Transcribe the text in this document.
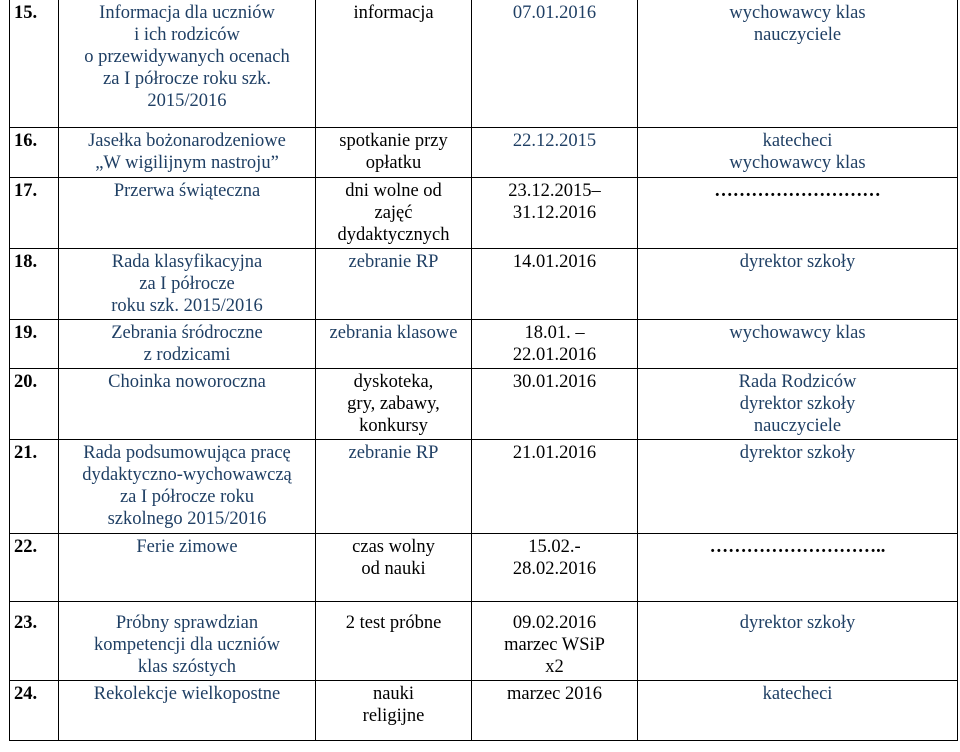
15.	Informacja dla uczniów
i ich rodziców
o przewidywanych ocenach
za I półrocze roku szk.
2015/2016	informacja	07.01.2016	wychowawcy klas
nauczyciele

16.	Jasełka bożonarodzeniowe
„W wigilijnym nastroju”	spotkanie przy
opłatku	22.12.2015	katecheci
wychowawcy klas

17.	Przerwa świąteczna	dni wolne od
zajęć
dydaktycznych	23.12.2015–
31.12.2016	………………………

18.	Rada klasyfikacyjna
za I półrocze
roku szk. 2015/2016	zebranie RP	14.01.2016	dyrektor szkoły

19.	Zebrania śródroczne
z rodzicami	zebrania klasowe	18.01. –
22.01.2016	wychowawcy klas

20.	Choinka noworoczna	dyskoteka,
gry, zabawy,
konkursy	30.01.2016	Rada Rodziców
dyrektor szkoły
nauczyciele

21.	Rada podsumowująca pracę
dydaktyczno-wychowawczą
za I półrocze roku
szkolnego 2015/2016	zebranie RP	21.01.2016	dyrektor szkoły

22.	Ferie zimowe	czas wolny
od nauki	15.02.-
28.02.2016	………………………..

23.	Próbny sprawdzian
kompetencji dla uczniów
klas szóstych	2 test próbne	09.02.2016
marzec WSiP
x2	dyrektor szkoły

24.	Rekolekcje wielkopostne	nauki
religijne	marzec 2016	katecheci
